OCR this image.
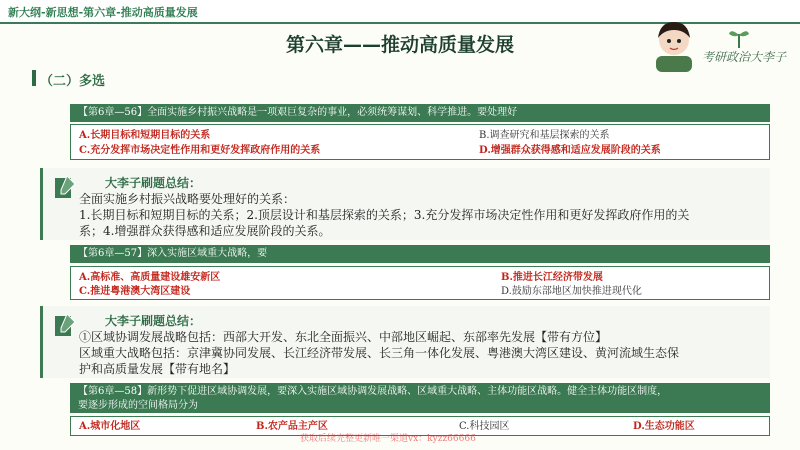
新大纲-新思想-第六章-推动高质量发展
第六章——推动高质量发展
考研政治大李子
（二）多选
【第6章—56】全面实施乡村振兴战略是一项艰巨复杂的事业，必须统筹谋划、科学推进。要处理好
A.长期目标和短期目标的关系	B.调查研究和基层探索的关系
C.充分发挥市场决定性作用和更好发挥政府作用的关系	D.增强群众获得感和适应发展阶段的关系
大李子刷题总结：
全面实施乡村振兴战略要处理好的关系：
1.长期目标和短期目标的关系；2.顶层设计和基层探索的关系；3.充分发挥市场决定性作用和更好发挥政府作用的关
系；4.增强群众获得感和适应发展阶段的关系。
【第6章—57】深入实施区域重大战略，要
A.高标准、高质量建设雄安新区	B.推进长江经济带发展
C.推进粤港澳大湾区建设	D.鼓励东部地区加快推进现代化
大李子刷题总结：
①区域协调发展战略包括：西部大开发、东北全面振兴、中部地区崛起、东部率先发展【带有方位】
区域重大战略包括：京津冀协同发展、长江经济带发展、长三角一体化发展、粤港澳大湾区建设、黄河流域生态保
护和高质量发展【带有地名】
【第6章—58】新形势下促进区域协调发展，要深入实施区域协调发展战略、区域重大战略、主体功能区战略。健全主体功能区制度，
要逐步形成的空间格局分为
A.城市化地区	B.农产品主产区	C.科技园区	D.生态功能区
获取后续完整更新唯一渠道vx：kyzz66666
